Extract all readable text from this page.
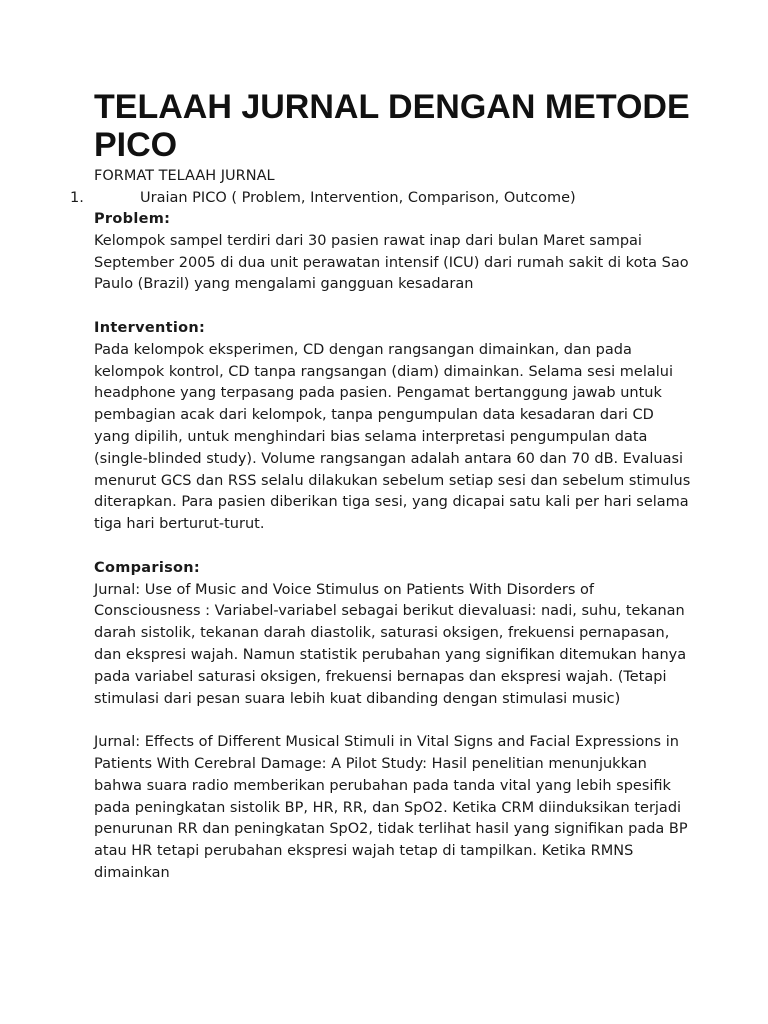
TELAAH JURNAL DENGAN METODE PICO
FORMAT TELAAH JURNAL
1.	Uraian PICO ( Problem, Intervention, Comparison, Outcome)
Problem:

Kelompok sampel terdiri dari 30 pasien rawat inap dari bulan Maret sampai September 2005 di dua unit perawatan intensif (ICU) dari rumah sakit di kota Sao Paulo (Brazil) yang mengalami gangguan kesadaran

Intervention:

Pada kelompok eksperimen, CD dengan rangsangan dimainkan, dan pada kelompok kontrol, CD tanpa rangsangan (diam) dimainkan. Selama sesi melalui headphone yang terpasang pada pasien. Pengamat bertanggung jawab untuk pembagian acak dari kelompok, tanpa pengumpulan data kesadaran dari CD yang dipilih, untuk menghindari bias selama interpretasi pengumpulan data (single-blinded study). Volume rangsangan adalah antara 60 dan 70 dB. Evaluasi menurut GCS dan RSS selalu dilakukan sebelum setiap sesi dan sebelum stimulus diterapkan. Para pasien diberikan tiga sesi, yang dicapai satu kali per hari selama tiga hari berturut-turut.

Comparison:

Jurnal: Use of Music and Voice Stimulus on Patients With Disorders of Consciousness : Variabel-variabel sebagai berikut dievaluasi: nadi, suhu, tekanan darah sistolik, tekanan darah diastolik, saturasi oksigen, frekuensi pernapasan, dan ekspresi wajah. Namun statistik perubahan yang signifikan ditemukan hanya pada variabel saturasi oksigen, frekuensi bernapas dan ekspresi wajah. (Tetapi stimulasi dari pesan suara lebih kuat dibanding dengan stimulasi music)

Jurnal: Effects of Different Musical Stimuli in Vital Signs and Facial Expressions in Patients With Cerebral Damage: A Pilot Study: Hasil penelitian menunjukkan bahwa suara radio memberikan perubahan pada tanda vital yang lebih spesifik pada peningkatan sistolik BP, HR, RR, dan SpO2. Ketika CRM diinduksikan terjadi penurunan RR dan peningkatan SpO2, tidak terlihat hasil yang signifikan pada BP atau HR tetapi perubahan ekspresi wajah tetap di tampilkan. Ketika RMNS dimainkan
